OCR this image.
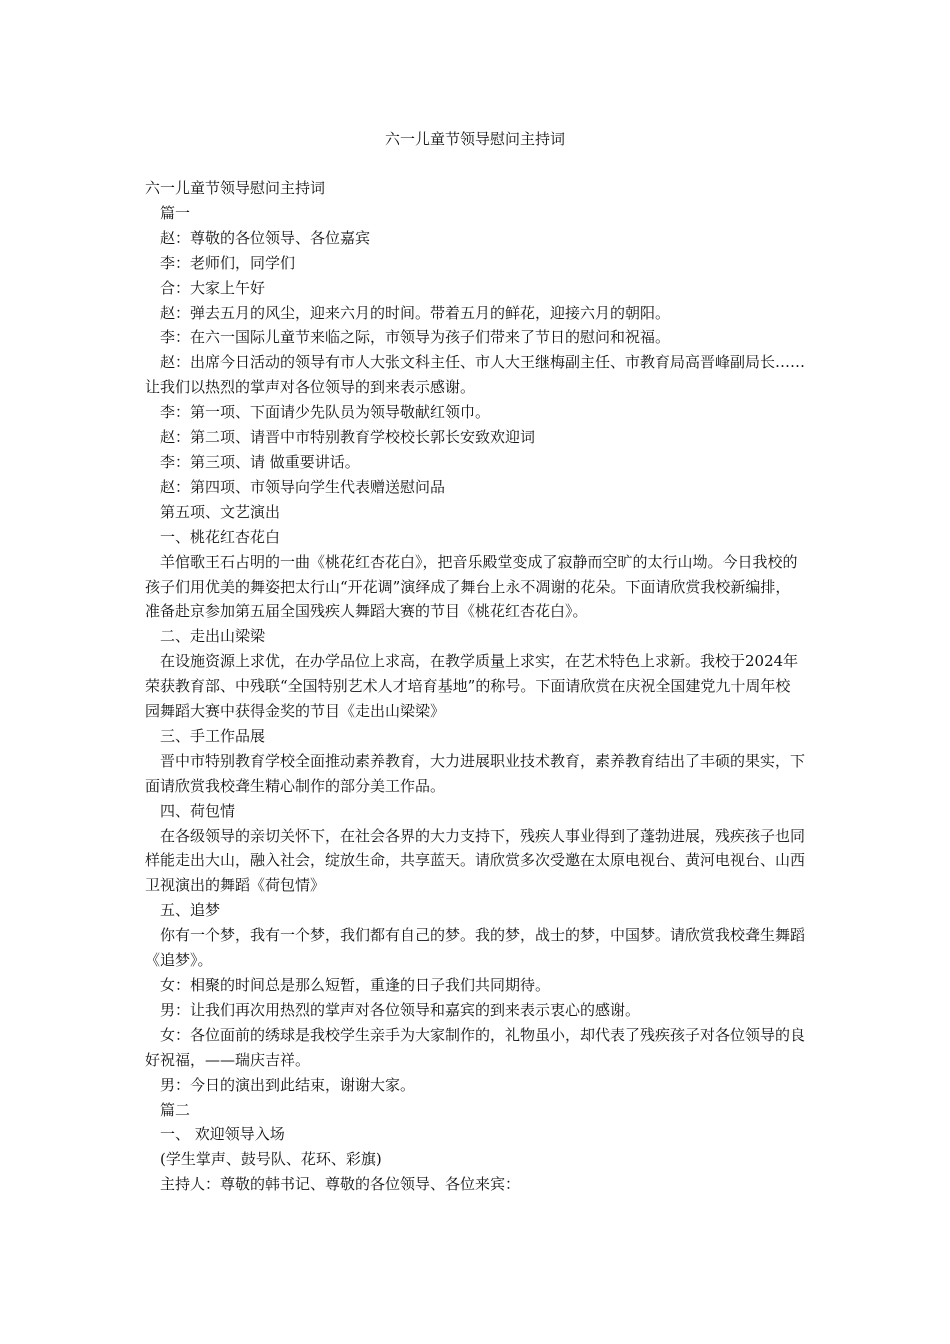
六一儿童节领导慰问主持词

六一儿童节领导慰问主持词

篇一

赵：尊敬的各位领导、各位嘉宾

李：老师们，同学们

合：大家上午好

赵：弹去五月的风尘，迎来六月的时间。带着五月的鲜花，迎接六月的朝阳。

李：在六一国际儿童节来临之际，市领导为孩子们带来了节日的慰问和祝福。

赵：出席今日活动的领导有市人大张文科主任、市人大王继梅副主任、市教育局高晋峰副局长…… 让我们以热烈的掌声对各位领导的到来表示感谢。

李：第一项、下面请少先队员为领导敬献红领巾。

赵：第二项、请晋中市特别教育学校校长郭长安致欢迎词

李：第三项、请 做重要讲话。

赵：第四项、市领导向学生代表赠送慰问品

第五项、文艺演出

一、桃花红杏花白

羊倌歌王石占明的一曲《桃花红杏花白》，把音乐殿堂变成了寂静而空旷的太行山坳。今日我校的孩子们用优美的舞姿把太行山“开花调”演绎成了舞台上永不凋谢的花朵。下面请欣赏我校新编排，准备赴京参加第五届全国残疾人舞蹈大赛的节目《桃花红杏花白》。

二、走出山梁梁

在设施资源上求优，在办学品位上求高，在教学质量上求实，在艺术特色上求新。我校于2024年荣获教育部、中残联“全国特别艺术人才培育基地”的称号。下面请欣赏在庆祝全国建党九十周年校园舞蹈大赛中获得金奖的节目《走出山梁梁》

三、手工作品展

晋中市特别教育学校全面推动素养教育，大力进展职业技术教育，素养教育结出了丰硕的果实，下面请欣赏我校聋生精心制作的部分美工作品。

四、荷包情

在各级领导的亲切关怀下，在社会各界的大力支持下，残疾人事业得到了蓬勃进展，残疾孩子也同样能走出大山，融入社会，绽放生命，共享蓝天。请欣赏多次受邀在太原电视台、黄河电视台、山西卫视演出的舞蹈《荷包情》

五、追梦

你有一个梦，我有一个梦，我们都有自己的梦。我的梦，战士的梦，中国梦。请欣赏我校聋生舞蹈《追梦》。

女：相聚的时间总是那么短暂，重逢的日子我们共同期待。

男：让我们再次用热烈的掌声对各位领导和嘉宾的到来表示衷心的感谢。

女：各位面前的绣球是我校学生亲手为大家制作的，礼物虽小，却代表了残疾孩子对各位领导的良好祝福，——瑞庆吉祥。

男：今日的演出到此结束，谢谢大家。

篇二

一、 欢迎领导入场

(学生掌声、鼓号队、花环、彩旗)

主持人：尊敬的韩书记、尊敬的各位领导、各位来宾：
